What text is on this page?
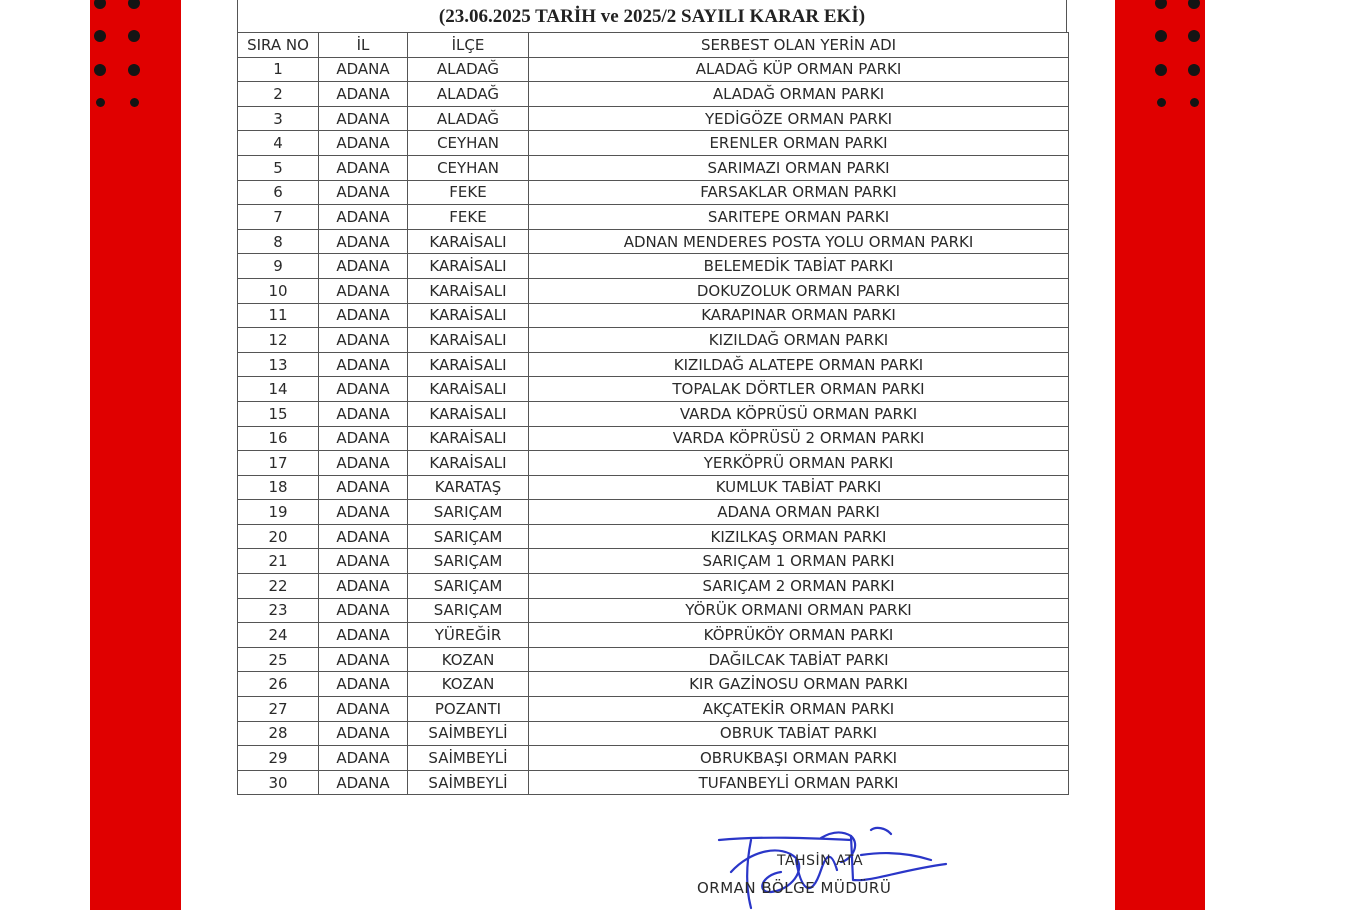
(23.06.2025 TARİH ve 2025/2 SAYILI KARAR EKİ)
SIRA NO	İL	İLÇE	SERBEST OLAN YERİN ADI
1	ADANA	ALADAĞ	ALADAĞ KÜP ORMAN PARKI
2	ADANA	ALADAĞ	ALADAĞ ORMAN PARKI
3	ADANA	ALADAĞ	YEDİGÖZE ORMAN PARKI
4	ADANA	CEYHAN	ERENLER ORMAN PARKI
5	ADANA	CEYHAN	SARIMAZI ORMAN PARKI
6	ADANA	FEKE	FARSAKLAR ORMAN PARKI
7	ADANA	FEKE	SARITEPE ORMAN PARKI
8	ADANA	KARAİSALI	ADNAN MENDERES POSTA YOLU ORMAN PARKI
9	ADANA	KARAİSALI	BELEMEDİK TABİAT PARKI
10	ADANA	KARAİSALI	DOKUZOLUK ORMAN PARKI
11	ADANA	KARAİSALI	KARAPINAR ORMAN PARKI
12	ADANA	KARAİSALI	KIZILDAĞ ORMAN PARKI
13	ADANA	KARAİSALI	KIZILDAĞ ALATEPE ORMAN PARKI
14	ADANA	KARAİSALI	TOPALAK DÖRTLER ORMAN PARKI
15	ADANA	KARAİSALI	VARDA KÖPRÜSÜ ORMAN PARKI
16	ADANA	KARAİSALI	VARDA KÖPRÜSÜ 2 ORMAN PARKI
17	ADANA	KARAİSALI	YERKÖPRÜ ORMAN PARKI
18	ADANA	KARATAŞ	KUMLUK TABİAT PARKI
19	ADANA	SARIÇAM	ADANA ORMAN PARKI
20	ADANA	SARIÇAM	KIZILKAŞ ORMAN PARKI
21	ADANA	SARIÇAM	SARIÇAM 1 ORMAN PARKI
22	ADANA	SARIÇAM	SARIÇAM 2 ORMAN PARKI
23	ADANA	SARIÇAM	YÖRÜK ORMANI ORMAN PARKI
24	ADANA	YÜREĞİR	KÖPRÜKÖY ORMAN PARKI
25	ADANA	KOZAN	DAĞILCAK TABİAT PARKI
26	ADANA	KOZAN	KIR GAZİNOSU ORMAN PARKI
27	ADANA	POZANTI	AKÇATEKİR ORMAN PARKI
28	ADANA	SAİMBEYLİ	OBRUK TABİAT PARKI
29	ADANA	SAİMBEYLİ	OBRUKBAŞI ORMAN PARKI
30	ADANA	SAİMBEYLİ	TUFANBEYLİ ORMAN PARKI
TAHSİN ATA
ORMAN BÖLGE MÜDÜRÜ
